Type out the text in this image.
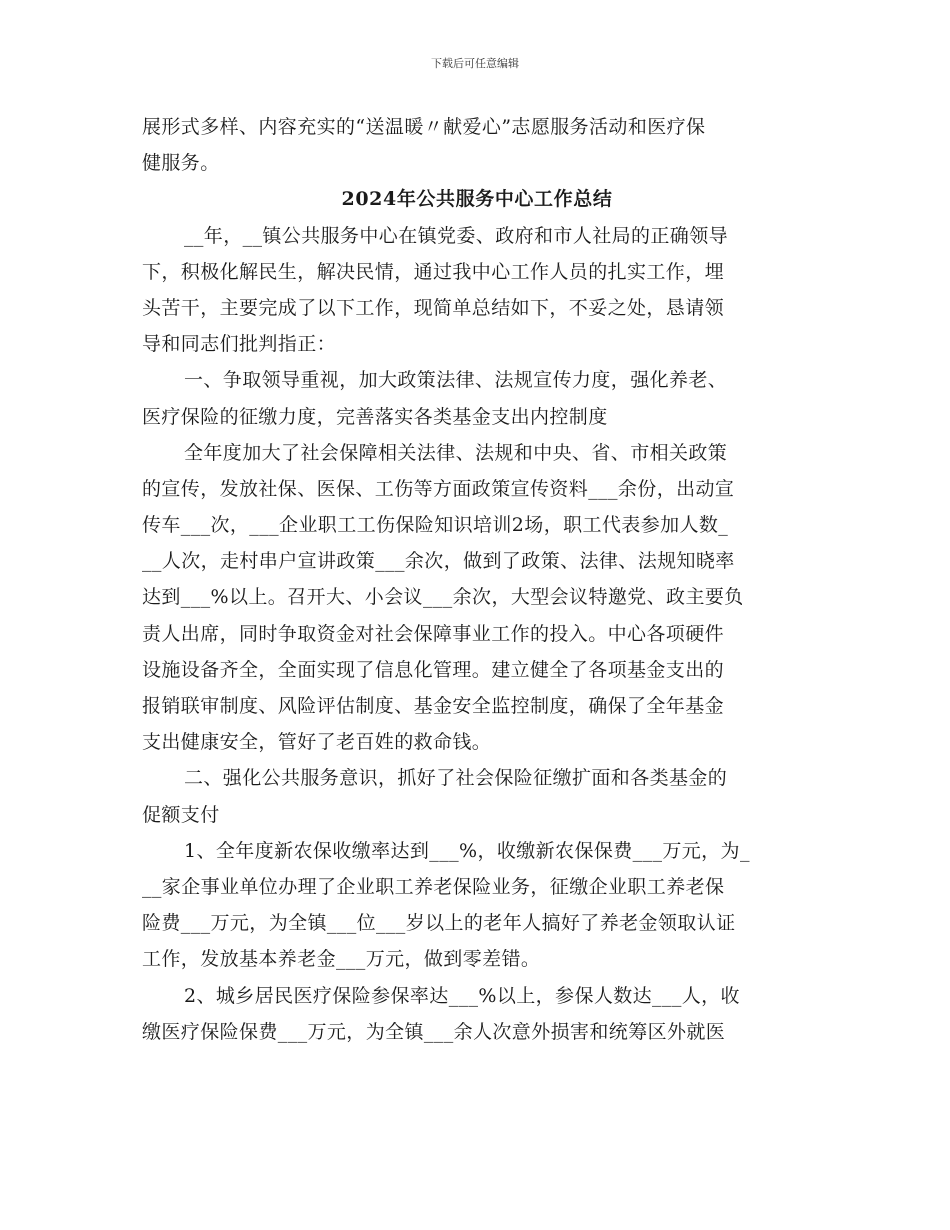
下载后可任意编辑
展形式多样、内容充实的“送温暖〃献爱心”志愿服务活动和医疗保
健服务。
2024年公共服务中心工作总结
__年，__镇公共服务中心在镇党委、政府和市人社局的正确领导
下，积极化解民生，解决民情，通过我中心工作人员的扎实工作，埋
头苦干，主要完成了以下工作，现简单总结如下，不妥之处，恳请领
导和同志们批判指正：
一、争取领导重视，加大政策法律、法规宣传力度，强化养老、
医疗保险的征缴力度，完善落实各类基金支出内控制度
全年度加大了社会保障相关法律、法规和中央、省、市相关政策
的宣传，发放社保、医保、工伤等方面政策宣传资料___余份，出动宣
传车___次，___企业职工工伤保险知识培训2场，职工代表参加人数_
__人次，走村串户宣讲政策___余次，做到了政策、法律、法规知晓率
达到___%以上。召开大、小会议___余次，大型会议特邀党、政主要负
责人出席，同时争取资金对社会保障事业工作的投入。中心各项硬件
设施设备齐全，全面实现了信息化管理。建立健全了各项基金支出的
报销联审制度、风险评估制度、基金安全监控制度，确保了全年基金
支出健康安全，管好了老百姓的救命钱。
二、强化公共服务意识，抓好了社会保险征缴扩面和各类基金的
促额支付
1、全年度新农保收缴率达到___%，收缴新农保保费___万元，为_
__家企事业单位办理了企业职工养老保险业务，征缴企业职工养老保
险费___万元，为全镇___位___岁以上的老年人搞好了养老金领取认证
工作，发放基本养老金___万元，做到零差错。
2、城乡居民医疗保险参保率达___%以上，参保人数达___人，收
缴医疗保险保费___万元，为全镇___余人次意外损害和统筹区外就医
